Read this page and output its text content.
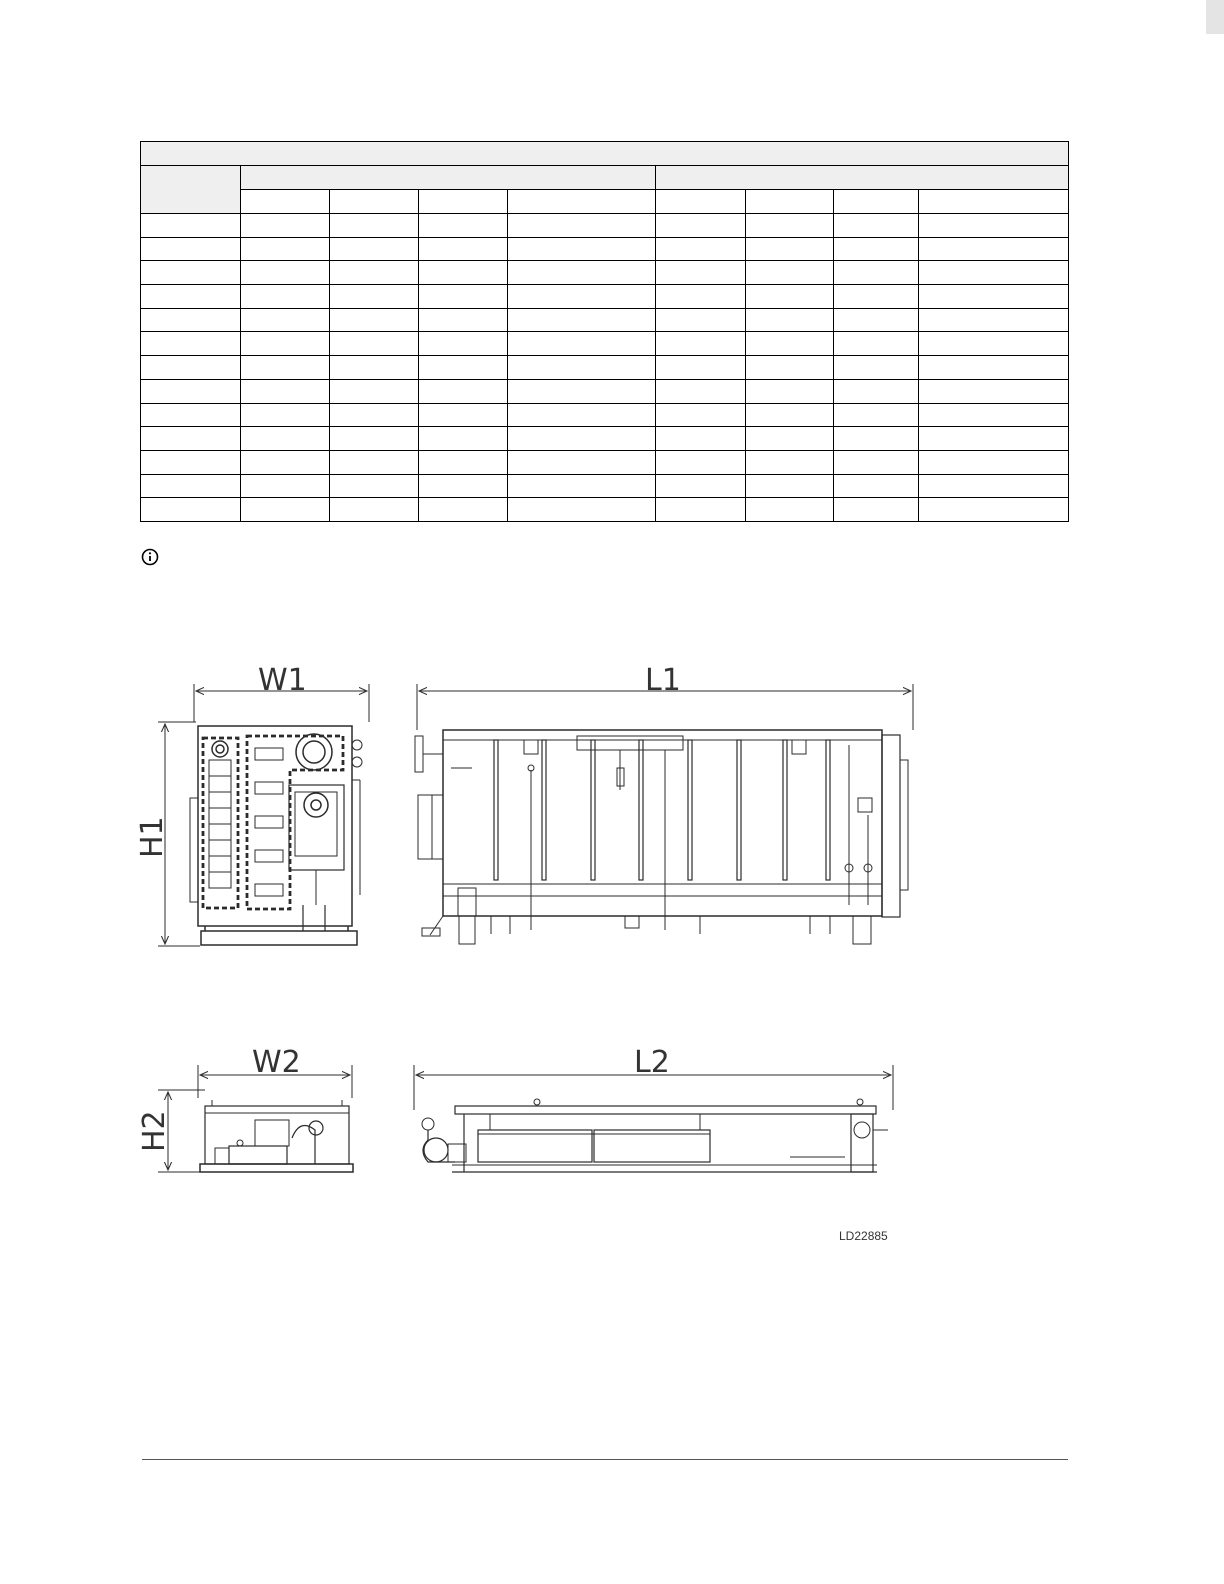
W1	L1
H1
W2	L2
H2
LD22885
